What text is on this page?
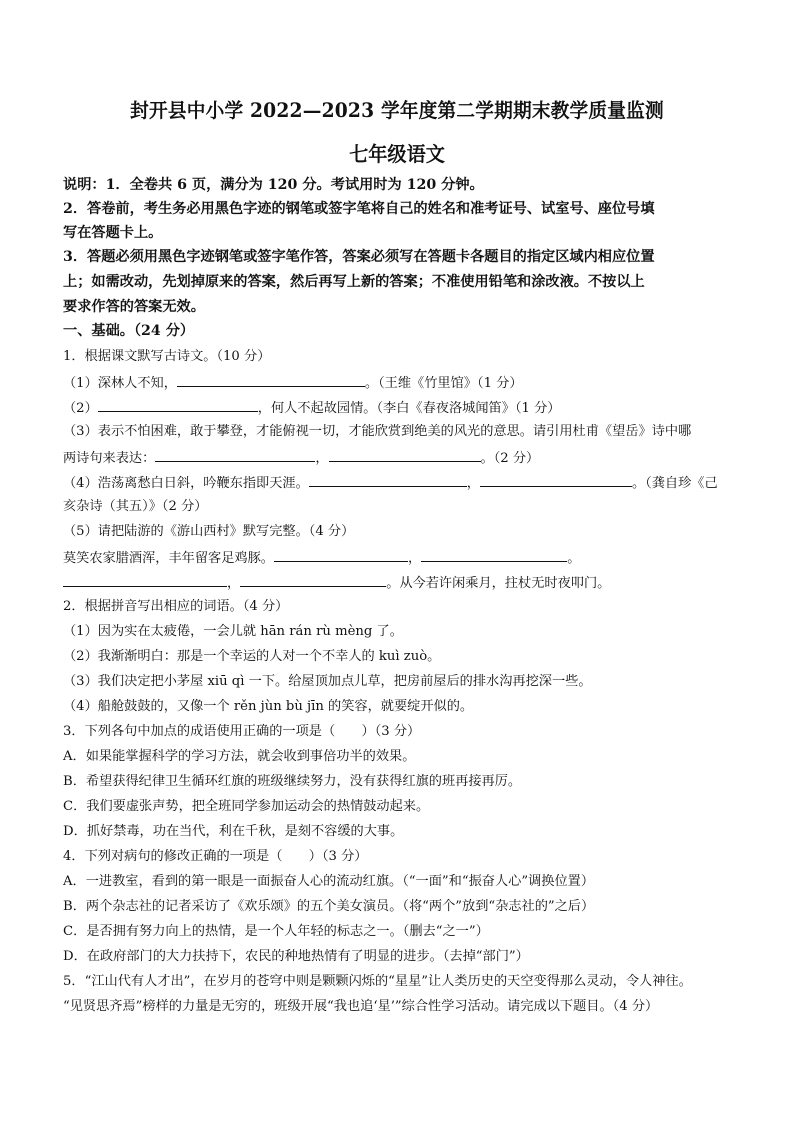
封开县中小学 2022—2023 学年度第二学期期末教学质量监测
七年级语文
说明：1．全卷共 6 页，满分为 120 分。考试用时为 120 分钟。
2．答卷前，考生务必用黑色字迹的钢笔或签字笔将自己的姓名和准考证号、试室号、座位号填
写在答题卡上。
3．答题必须用黑色字迹钢笔或签字笔作答，答案必须写在答题卡各题目的指定区域内相应位置
上；如需改动，先划掉原来的答案，然后再写上新的答案；不准使用铅笔和涂改液。不按以上
要求作答的答案无效。
一、基础。（24 分）
1．根据课文默写古诗文。（10 分）
（1）深林人不知，	。（王维《竹里馆》（1 分）
（2）	，何人不起故园情。（李白《春夜洛城闻笛》（1 分）
（3）表示不怕困难，敢于攀登，才能俯视一切，才能欣赏到绝美的风光的意思。请引用杜甫《望岳》诗中哪
两诗句来表达：	，	。（2 分）
（4）浩荡离愁白日斜，吟鞭东指即天涯。	，	。（龚自珍《己
亥杂诗（其五）》（2 分）
（5）请把陆游的《游山西村》默写完整。（4 分）
莫笑农家腊酒浑，丰年留客足鸡豚。	，	。
，	。从今若许闲乘月，拄杖无时夜叩门。
2．根据拼音写出相应的词语。（4 分）
（1）因为实在太疲倦，一会儿就 hān rán rù mèng 了。
（2）我渐渐明白：那是一个幸运的人对一个不幸人的 kuì zuò。
（3）我们决定把小茅屋 xiū qì 一下。给屋顶加点儿草，把房前屋后的排水沟再挖深一些。
（4）船舱鼓鼓的，又像一个 rěn jùn bù jīn 的笑容，就要绽开似的。
3．下列各句中加点的成语使用正确的一项是（　　）（3 分）
A．如果能掌握科学的学习方法，就会收到事倍功半的效果。
B．希望获得纪律卫生循环红旗的班级继续努力，没有获得红旗的班再接再厉。
C．我们要虚张声势，把全班同学参加运动会的热情鼓动起来。
D．抓好禁毒，功在当代，利在千秋，是刻不容缓的大事。
4．下列对病句的修改正确的一项是（　　）（3 分）
A．一进教室，看到的第一眼是一面振奋人心的流动红旗。（“一面”和“振奋人心”调换位置）
B．两个杂志社的记者采访了《欢乐颂》的五个美女演员。（将“两个”放到“杂志社的”之后）
C．是否拥有努力向上的热情，是一个人年轻的标志之一。（删去“之一”）
D．在政府部门的大力扶持下，农民的种地热情有了明显的进步。（去掉“部门”）
5．“江山代有人才出”，在岁月的苍穹中则是颗颗闪烁的“星星”让人类历史的天空变得那么灵动，令人神往。
“见贤思齐焉”榜样的力量是无穷的，班级开展“我也追‘星’”综合性学习活动。请完成以下题目。（4 分）
